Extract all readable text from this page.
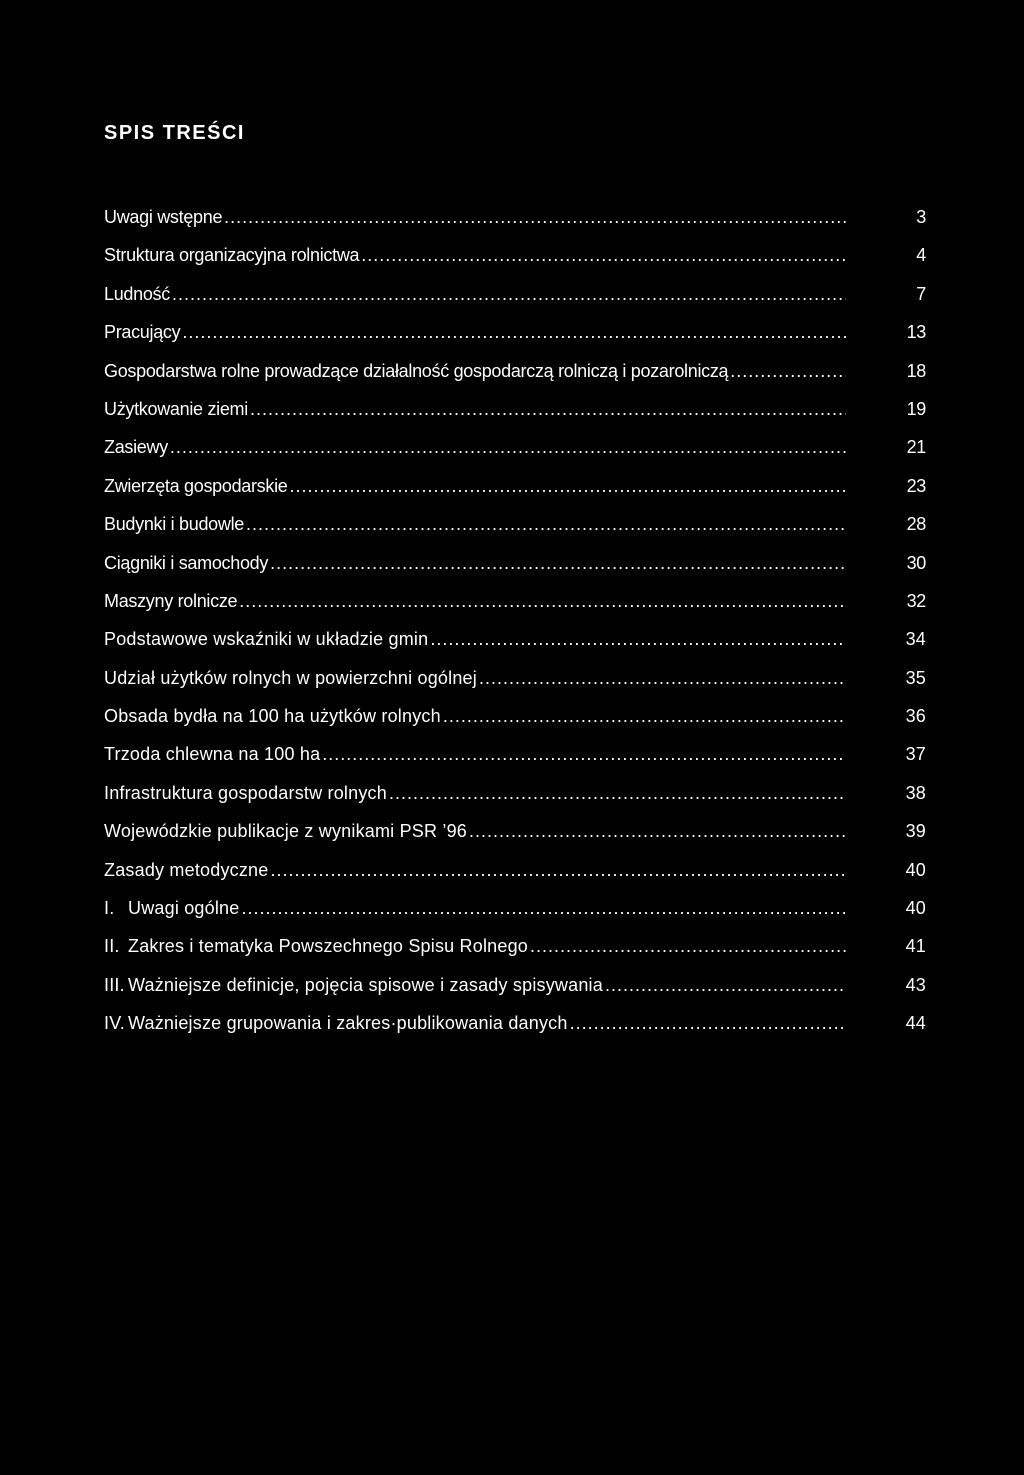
SPIS TREŚCI
Uwagi wstępne .....	3
Struktura organizacyjna rolnictwa .....	4
Ludność .....	7
Pracujący .....	13
Gospodarstwa rolne prowadzące działalność gospodarczą rolniczą i pozarolniczą .....	18
Użytkowanie ziemi .....	19
Zasiewy .....	21
Zwierzęta gospodarskie .....	23
Budynki i budowle .....	28
Ciągniki i samochody .....	30
Maszyny rolnicze .....	32
Podstawowe wskaźniki w układzie gmin .....	34
Udział użytków rolnych w powierzchni ogólnej .....	35
Obsada bydła na 100 ha użytków rolnych .....	36
Trzoda chlewna na 100 ha .....	37
Infrastruktura gospodarstw rolnych .....	38
Wojewódzkie publikacje z wynikami PSR ’96 .....	39
Zasady metodyczne .....	40
I. Uwagi ogólne .....	40
II. Zakres i tematyka Powszechnego Spisu Rolnego .....	41
III. Ważniejsze definicje, pojęcia spisowe i zasady spisywania .....	43
IV. Ważniejsze grupowania i zakres·publikowania danych .....	44
